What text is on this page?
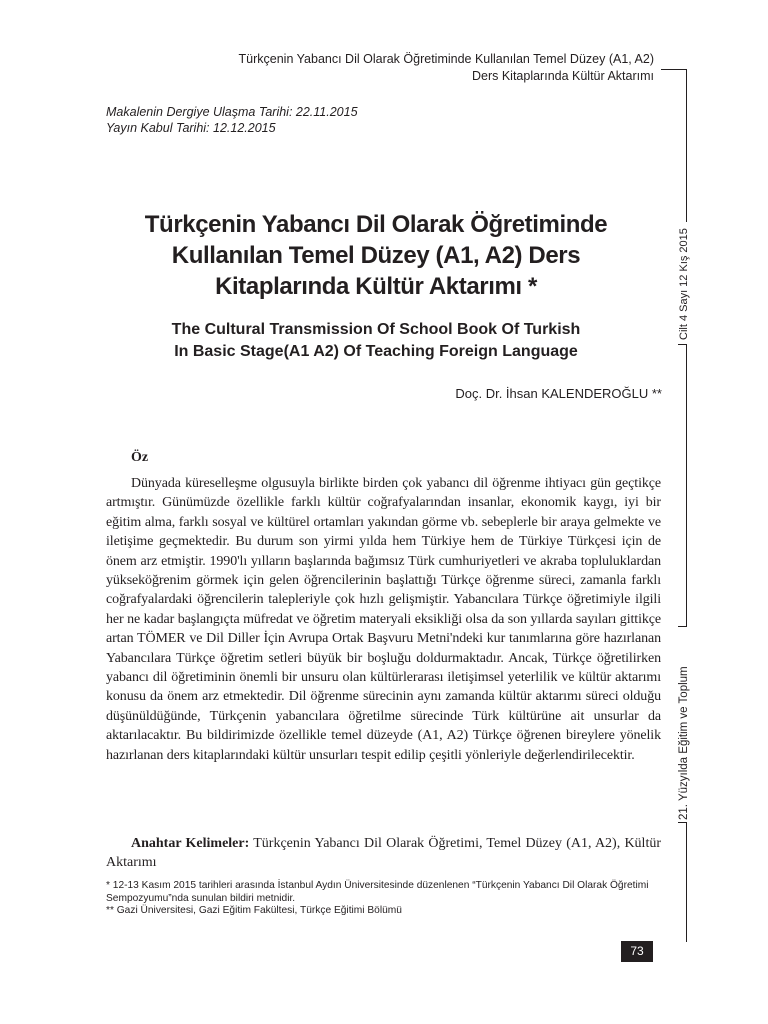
Türkçenin Yabancı Dil Olarak Öğretiminde Kullanılan Temel Düzey (A1, A2)
Ders Kitaplarında Kültür Aktarımı
Cilt 4 Sayı 12 Kış 2015
21. Yüzyılda Eğitim ve Toplum
Makalenin Dergiye Ulaşma Tarihi: 22.11.2015
Yayın Kabul Tarihi: 12.12.2015
Türkçenin Yabancı Dil Olarak Öğretiminde
Kullanılan Temel Düzey (A1, A2) Ders
Kitaplarında Kültür Aktarımı *
The Cultural Transmission Of School Book Of Turkish
In Basic Stage(A1 A2) Of Teaching Foreign Language
Doç. Dr. İhsan KALENDEROĞLU **
Öz

Dünyada küreselleşme olgusuyla birlikte birden çok yabancı dil öğrenme ihtiyacı gün geçtikçe artmıştır. Günümüzde özellikle farklı kültür coğrafyalarından insanlar, ekonomik kaygı, iyi bir eğitim alma, farklı sosyal ve kültürel ortamları yakından görme vb. sebeplerle bir araya gelmekte ve iletişime geçmektedir. Bu durum son yirmi yılda hem Türkiye hem de Türkiye Türkçesi için de önem arz etmiştir. 1990'lı yılların başlarında bağımsız Türk cumhuriyetleri ve akraba topluluklardan yükseköğrenim görmek için gelen öğrencilerinin başlattığı Türkçe öğrenme süreci, zamanla farklı coğrafyalardaki öğrencilerin talepleriyle çok hızlı gelişmiştir. Yabancılara Türkçe öğretimiyle ilgili her ne kadar başlangıçta müfredat ve öğretim materyali eksikliği olsa da son yıllarda sayıları gittikçe artan TÖMER ve Dil Diller İçin Avrupa Ortak Başvuru Metni'ndeki kur tanımlarına göre hazırlanan Yabancılara Türkçe öğretim setleri büyük bir boşluğu doldurmaktadır. Ancak, Türkçe öğretilirken yabancı dil öğretiminin önemli bir unsuru olan kültürlerarası iletişimsel yeterlilik ve kültür aktarımı konusu da önem arz etmektedir. Dil öğrenme sürecinin aynı zamanda kültür aktarımı süreci olduğu düşünüldüğünde, Türkçenin yabancılara öğretilme sürecinde Türk kültürüne ait unsurlar da aktarılacaktır. Bu bildirimizde özellikle temel düzeyde (A1, A2) Türkçe öğrenen bireylere yönelik hazırlanan ders kitaplarındaki kültür unsurları tespit edilip çeşitli yönleriyle değerlendirilecektir.

Anahtar Kelimeler: Türkçenin Yabancı Dil Olarak Öğretimi, Temel Düzey (A1, A2), Kültür Aktarımı

* 12-13 Kasım 2015 tarihleri arasında İstanbul Aydın Üniversitesinde düzenlenen “Türkçenin Yabancı Dil Olarak Öğretimi Sempozyumu”nda sunulan bildiri metnidir.
** Gazi Üniversitesi, Gazi Eğitim Fakültesi, Türkçe Eğitimi Bölümü
73
